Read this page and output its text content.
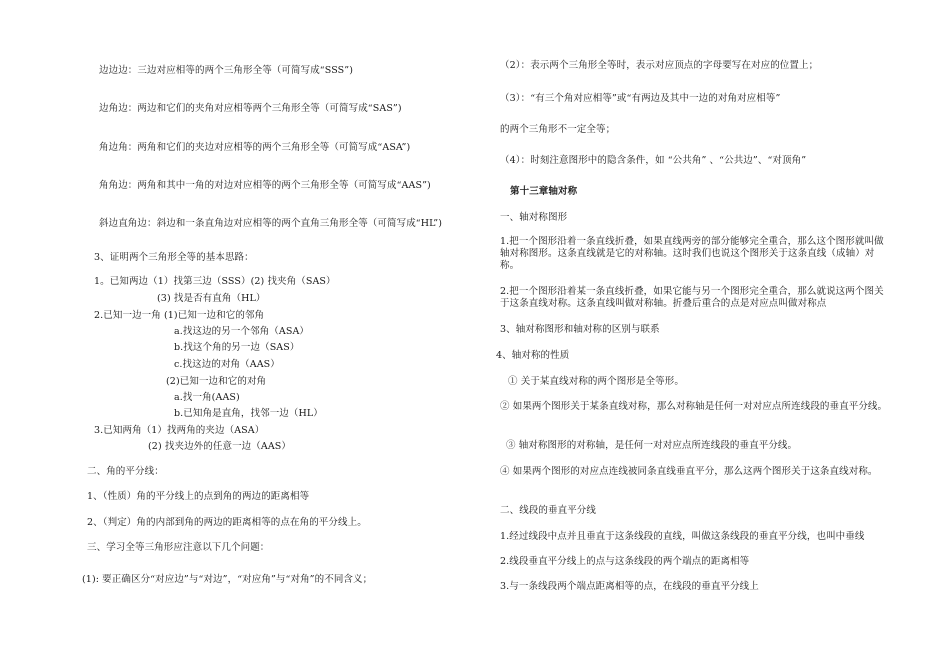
边边边：三边对应相等的两个三角形全等（可简写成“SSS”)
边角边：两边和它们的夹角对应相等两个三角形全等（可简写成“SAS”)
角边角：两角和它们的夹边对应相等的两个三角形全等（可简写成“ASA”)
角角边：两角和其中一角的对边对应相等的两个三角形全等（可简写成“AAS”)
斜边直角边：斜边和一条直角边对应相等的两个直角三角形全等（可简写成“HL”)
3、证明两个三角形全等的基本思路：
1。已知两边（1）找第三边（SSS）(2) 找夹角（SAS）
(3) 找是否有直角（HL）
2.已知一边一角 (1)已知一边和它的邻角
a.找这边的另一个邻角（ASA）
b.找这个角的另一边（SAS）
c.找这边的对角（AAS）
(2)已知一边和它的对角
a.找一角(AAS)
b.已知角是直角，找邻一边（HL）
3.已知两角（1）找两角的夹边（ASA）
(2) 找夹边外的任意一边（AAS）
二、角的平分线：
1、（性质）角的平分线上的点到角的两边的距离相等
2、（判定）角的内部到角的两边的距离相等的点在角的平分线上。
三、学习全等三角形应注意以下几个问题：
(1): 要正确区分“对应边”与“对边”，“对应角”与“对角”的不同含义；
（2）：表示两个三角形全等时，表示对应顶点的字母要写在对应的位置上；
（3）：“有三个角对应相等”或“有两边及其中一边的对角对应相等”
的两个三角形不一定全等；
（4）：时刻注意图形中的隐含条件，如 “公共角” 、“公共边”、“对顶角”
第十三章轴对称
一、轴对称图形
1.把一个图形沿着一条直线折叠，如果直线两旁的部分能够完全重合，那么这个图形就叫做轴对称图形。这条直线就是它的对称轴。这时我们也说这个图形关于这条直线（成轴）对称。
2.把一个图形沿着某一条直线折叠，如果它能与另一个图形完全重合，那么就说这两个图关于这条直线对称。这条直线叫做对称轴。折叠后重合的点是对应点叫做对称点
3、轴对称图形和轴对称的区别与联系
4、轴对称的性质
① 关于某直线对称的两个图形是全等形。
② 如果两个图形关于某条直线对称，那么对称轴是任何一对对应点所连线段的垂直平分线。
③ 轴对称图形的对称轴，是任何一对对应点所连线段的垂直平分线。
④ 如果两个图形的对应点连线被同条直线垂直平分，那么这两个图形关于这条直线对称。
二、线段的垂直平分线
1.经过线段中点并且垂直于这条线段的直线，叫做这条线段的垂直平分线，也叫中垂线
2.线段垂直平分线上的点与这条线段的两个端点的距离相等
3.与一条线段两个端点距离相等的点，在线段的垂直平分线上
